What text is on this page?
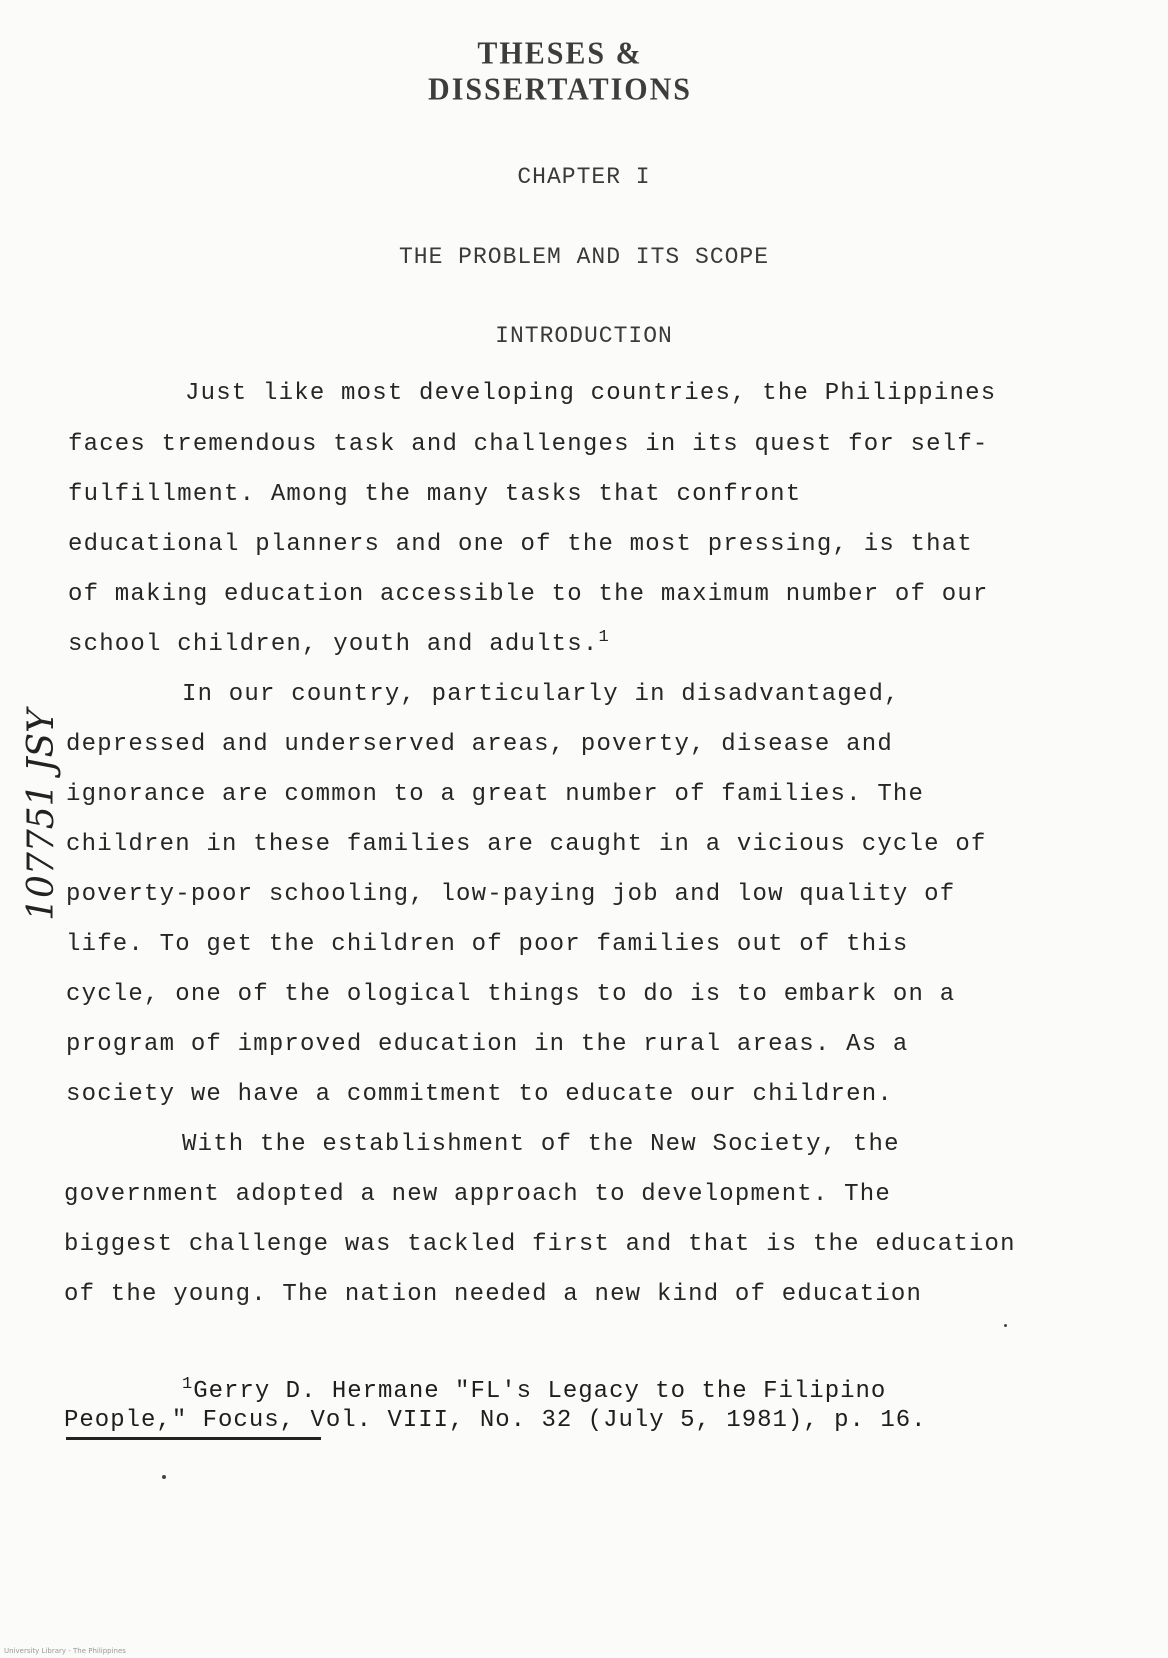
THESES & DISSERTATIONS
CHAPTER I
THE PROBLEM AND ITS SCOPE
INTRODUCTION
Just like most developing countries, the Philippines
faces tremendous task and challenges in its quest for self-
fulfillment. Among the many tasks that confront
educational planners and one of the most pressing, is that
of making education accessible to the maximum number of our
school children, youth and adults.$^1$
In our country, particularly in disadvantaged,
depressed and underserved areas, poverty, disease and
ignorance are common to a great number of families. The
children in these families are caught in a vicious cycle of
poverty-poor schooling, low-paying job and low quality of
life. To get the children of poor families out of this
cycle, one of the ological things to do is to embark on a
program of improved education in the rural areas. As a
society we have a commitment to educate our children.
With the establishment of the New Society, the
government adopted a new approach to development. The
biggest challenge was tackled first and that is the education
of the young. The nation needed a new kind of education
$^1$Gerry D. Hermane "FL's Legacy to the Filipino
People," Focus, Vol. VIII, No. 32 (July 5, 1981), p. 16.
107751 JSY
University Library - The Philippines
